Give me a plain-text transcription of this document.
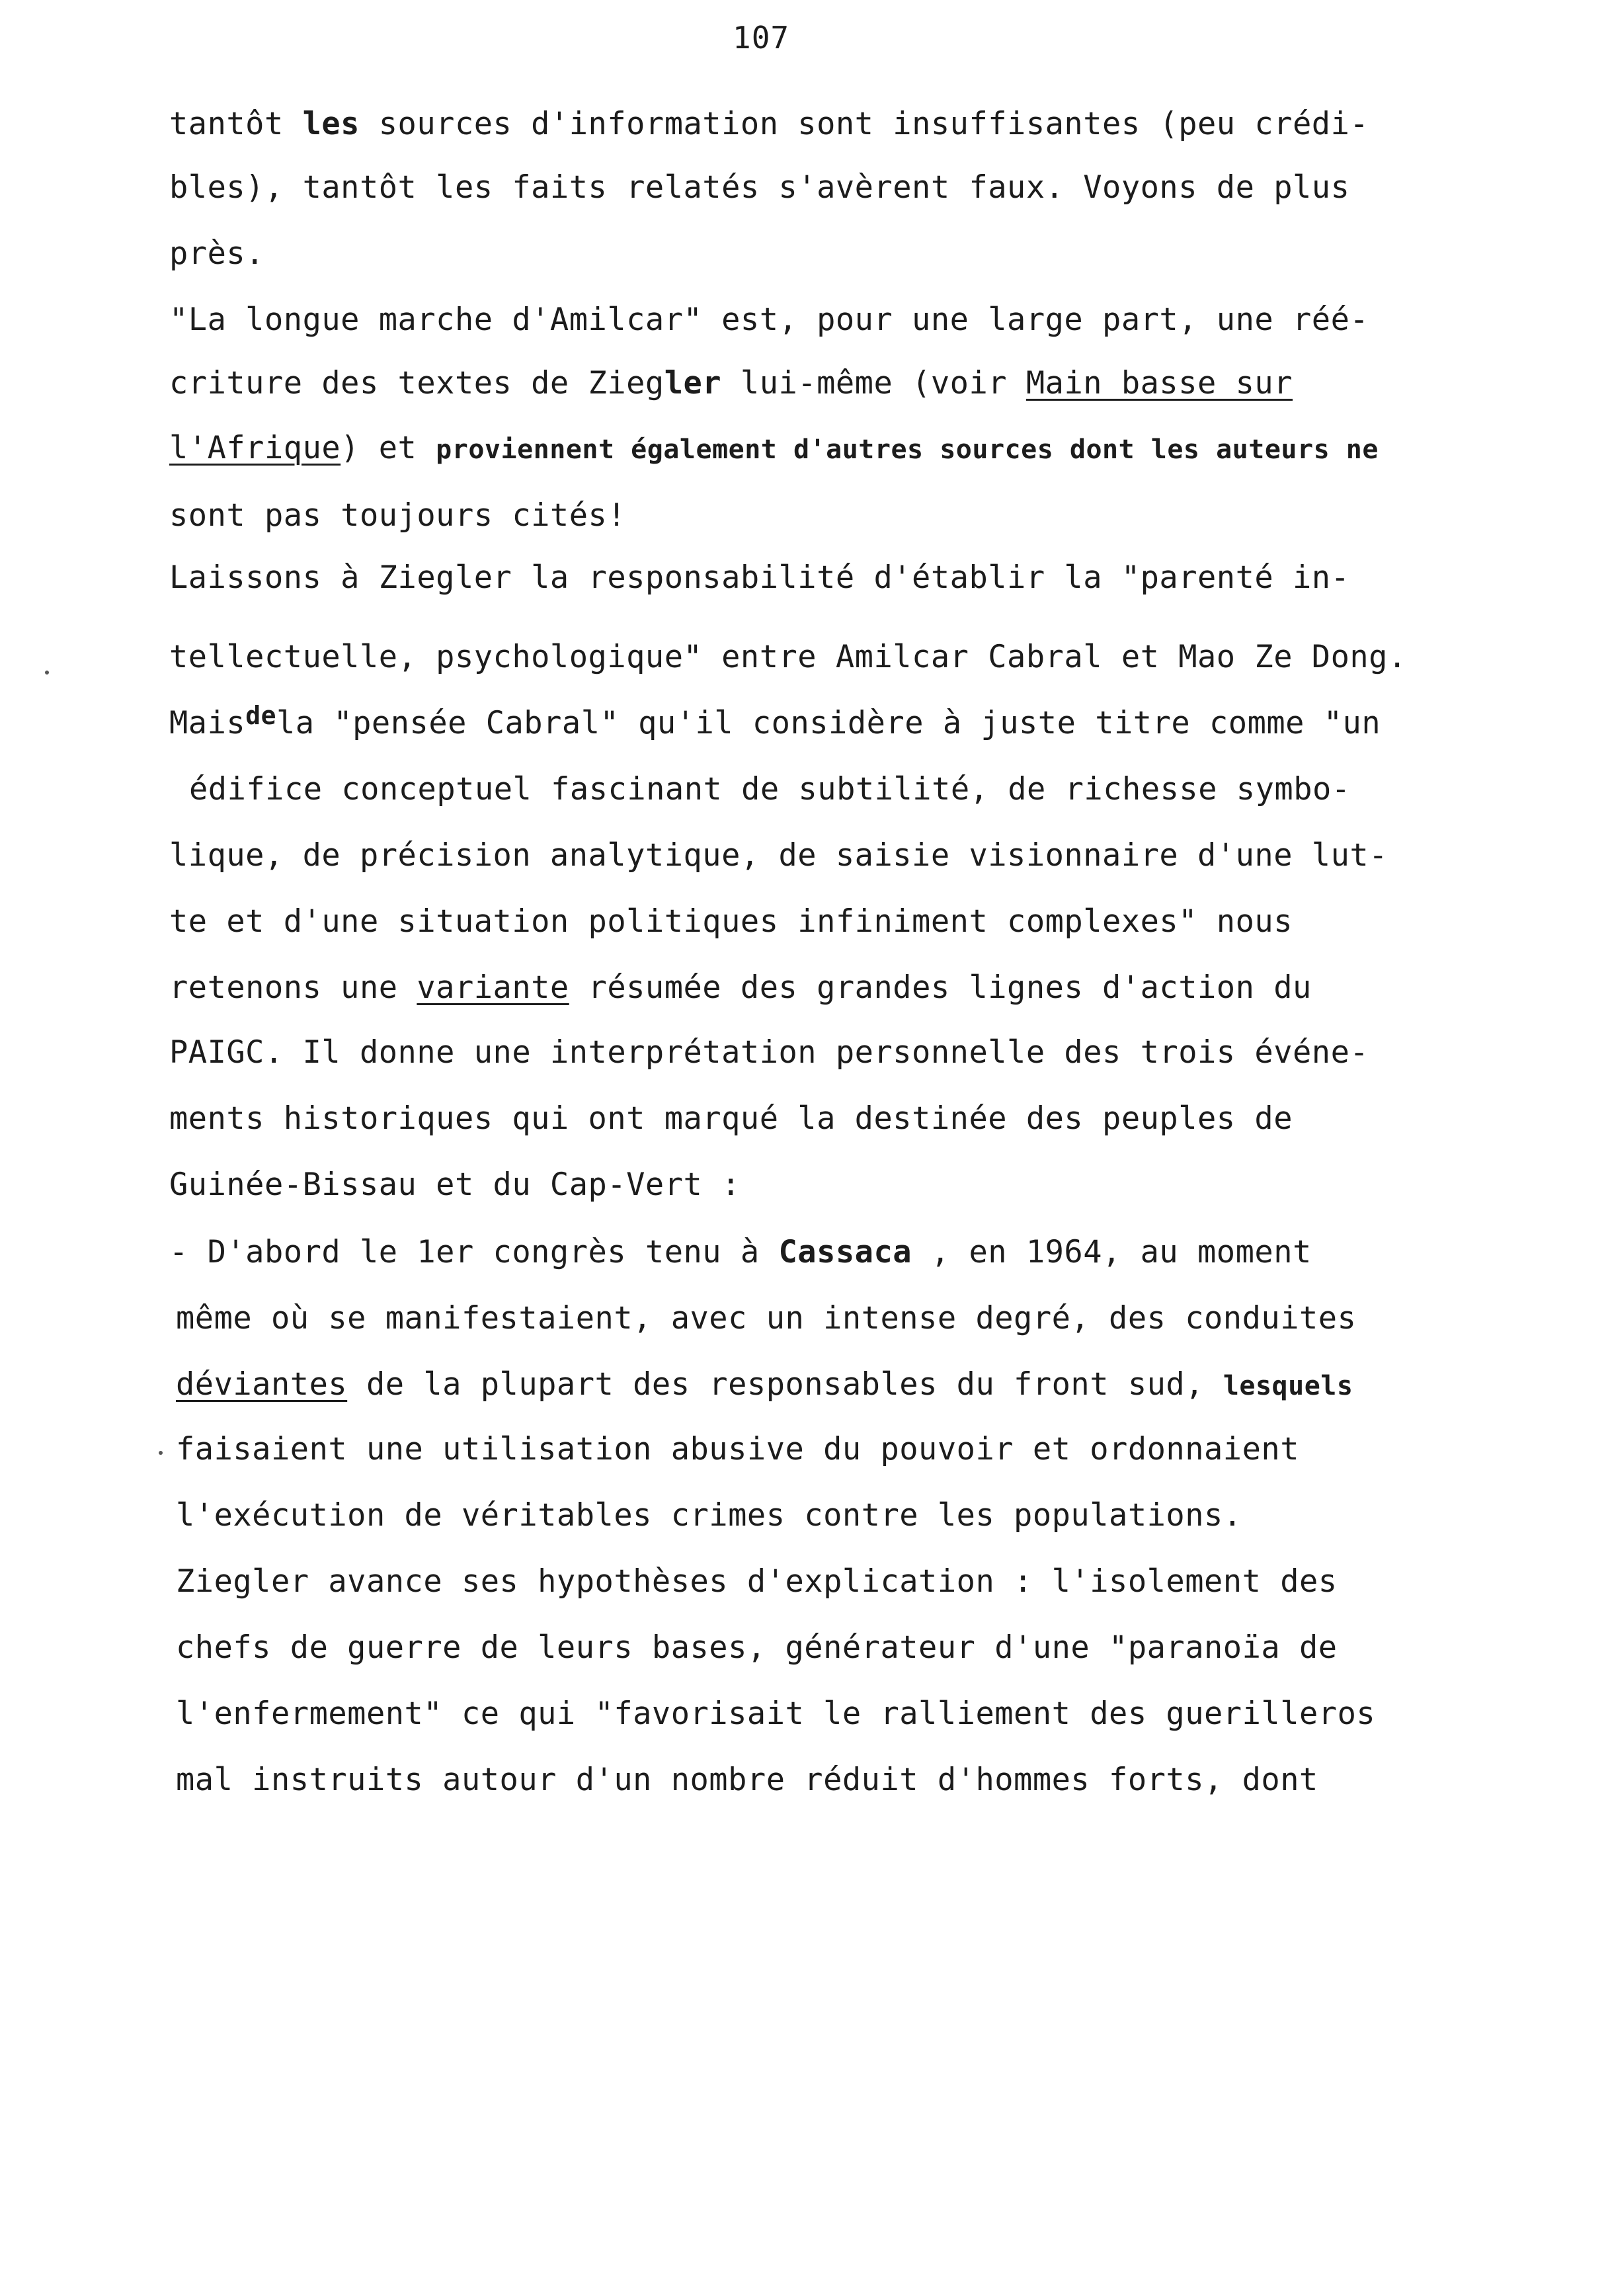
107
tantôt les sources d'information sont insuffisantes (peu crédi-
bles), tantôt les faits relatés s'avèrent faux. Voyons de plus
près.
"La longue marche d'Amilcar" est, pour une large part, une réé-
criture des textes de Ziegler lui-même (voir Main basse sur
l'Afrique) et proviennent également d'autres sources dont les auteurs ne
sont pas toujours cités!
Laissons à Ziegler la responsabilité d'établir la "parenté in-
tellectuelle, psychologique" entre Amilcar Cabral et Mao Ze Dong.
Mais$^{de}$la "pensée Cabral" qu'il considère à juste titre comme "un
édifice conceptuel fascinant de subtilité, de richesse symbo-
lique, de précision analytique, de saisie visionnaire d'une lut-
te et d'une situation politiques infiniment complexes" nous
retenons une variante résumée des grandes lignes d'action du
PAIGC. Il donne une interprétation personnelle des trois événe-
ments historiques qui ont marqué la destinée des peuples de
Guinée-Bissau et du Cap-Vert :
- D'abord le 1er congrès tenu à Cassaca , en 1964, au moment
même où se manifestaient, avec un intense degré, des conduites
déviantes de la plupart des responsables du front sud, lesquels
faisaient une utilisation abusive du pouvoir et ordonnaient
l'exécution de véritables crimes contre les populations.
Ziegler avance ses hypothèses d'explication : l'isolement des
chefs de guerre de leurs bases, générateur d'une "paranoïa de
l'enfermement" ce qui "favorisait le ralliement des guerilleros
mal instruits autour d'un nombre réduit d'hommes forts, dont
